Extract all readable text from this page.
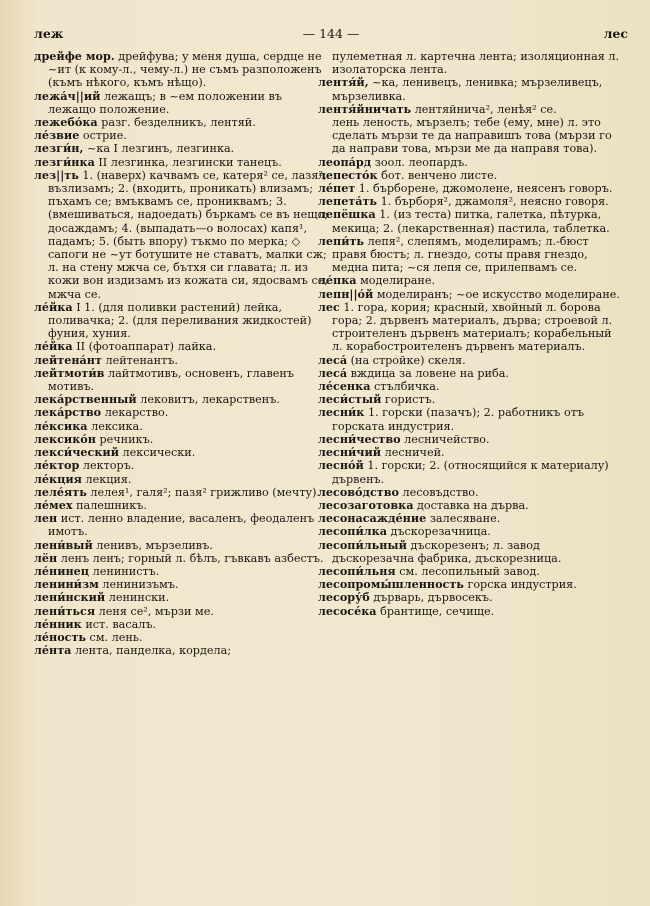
— 144 —
леж	лес

дрейфе мор. дрейфува; у меня душа, сердце не ~ит (к кому-л., чему-л.) не съмъ разположенъ (къмъ нѣкого, къмъ нѣщо).

лежа́ч||ий лежащъ; в ~ем положении въ лежащо положение.

лежебо́ка разг. безделникъ, лентяй.

ле́звие острие.

лезги́н, ~ка I лезгинъ, лезгинка.

лезги́нка II лезгинка, лезгински танецъ.

лез||ть 1. (наверх) качвамъ се, катеря² се, лазя², възлизамъ; 2. (входить, проникать) влизамъ; пъхамъ се; вмъквамъ се, прониквамъ; 3. (вмешиваться, надоедать) бъркамъ се въ нещо; досаждамъ; 4. (выпадать—о волосах) капя¹, падамъ; 5. (быть впору) тъкмо по мерка; ◇ сапоги не ~ут ботушите не ставатъ, малки сж; л. на стену мжча се, бътхя си главата; л. из кожи вон издизамъ из кожата си, ядосвамъ се, мжча се.

ле́йка I 1. (для поливки растений) лейка, поливачка; 2. (для переливания жидкостей) фуния, хуния.

ле́йка II (фотоаппарат) лайка.

лейтена́нт лейтенантъ.

лейтмоти́в лайтмотивъ, основенъ, главенъ мотивъ.

лека́рственный лековитъ, лекарственъ.

лека́рство лекарство.

ле́ксика лексика.

лексико́н речникъ.

лекси́ческий лексически.

ле́ктор лекторъ.

ле́кция лекция.

леле́ять лелея¹, галя²; пазя² грижливо (мечту).

ле́мех палешникъ.

лен ист. ленно владение, васаленъ, феодаленъ имотъ.

лени́вый ленивъ, мързеливъ.

лён ленъ ленъ; горный л. бѣлъ, гъвкавъ азбестъ.

ле́нинец ленинистъ.

ленини́зм ленинизъмъ.

лени́нский ленински.

лени́ться леня се², мързи ме.

ле́нник ист. васалъ.

ле́ность см. лень.

ле́нта лента, панделка, корделa;

пулеметная л. картечна лента; изоляционная л. изолаторска лента.

лентя́й, ~ка, ленивецъ, ленивка; мързеливецъ, мързеливка.

лентя́йничать лентяйнича², ленѣя² се.

лень леность, мързелъ; тебе (ему, мне) л. это сделать мързи те да направишъ това (мързи го да направи това, мързи ме да направя това).

леопа́рд зоол. леопардъ.

лепесто́к бот. венчено листе.

ле́пет 1. бърборене, джомолене, неясенъ говоръ.

лепета́ть 1. бърборя², джамоля², неясно говоря.

лепёшка 1. (из теста) питка, галетка, пѣтурка, мекица; 2. (лекарственная) пастила, таблетка.

лепи́ть лепя², слепямъ, моделирамъ; л.-бюст правя бюстъ; л. гнездо, соты правя гнездо, медна пита; ~ся лепя се, прилепвамъ се.

ле́пка моделиране.

лепн||о́й моделиранъ; ~ое искусство моделиране.

лес 1. гора, кория; красный, хвойный л. борова гора; 2. дървенъ материалъ, дърва; строевой л. строителенъ дървенъ материалъ; корабельный л. корабостроителенъ дървенъ материалъ.

леса́ (на стройке) скеля.

леса́ вждица за ловене на риба.

ле́сенка стълбичка.

леси́стый гористъ.

лесни́к 1. горски (пазачъ); 2. работникъ отъ горската индустрия.

лесни́чество лесничейство.

лесни́чий лесничей.

лесно́й 1. горски; 2. (относящийся к материалу) дървенъ.

лесово́дство лесовъдство.

лесозаготовка доставка на дърва.

лесонасажде́ние залесяване.

лесопи́лка дъскорезачница.

лесопи́льный дъскорезенъ; л. завод дъскорезачна фабрика, дъскорезница.

лесопи́льня см. лесопильный завод.

лесопромы́шленность горска индустрия.

лесору́б дърварь, дървосекъ.

лесосе́ка брантище, сечище.
